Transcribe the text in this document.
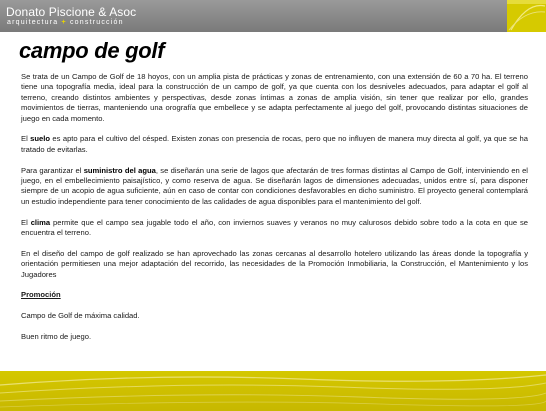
Donato Piscione & Asoc
arquitectura + construcción
campo de golf

Se trata de un Campo de Golf de 18 hoyos, con un amplia pista de prácticas y zonas de entrenamiento, con una extensión de 60 a 70 ha. El terreno tiene una topografía media, ideal para la construcción de un campo de golf, ya que cuenta con los desniveles adecuados, para adaptar el golf al terreno, creando distintos ambientes y perspectivas, desde zonas íntimas a zonas de amplia visión, sin tener que realizar por ello, grandes movimientos de tierras, manteniendo una orografía que embellece y se adapta perfectamente al juego del golf, provocando distintas situaciones de juego en cada momento.

El suelo es apto para el cultivo del césped. Existen zonas con presencia de rocas, pero que no influyen de manera muy directa al golf, ya que se ha tratado de evitarlas.

Para garantizar el suministro del agua, se diseñarán una serie de lagos que afectarán de tres formas distintas al Campo de Golf, interviniendo en el juego, en el embellecimiento paisajístico, y como reserva de agua. Se diseñarán lagos de dimensiones adecuadas, unidos entre sí, para disponer siempre de un acopio de agua suficiente, aún en caso de contar con condiciones desfavorables en dicho suministro. El proyecto general contemplará un estudio independiente para tener conocimiento de las calidades de agua disponibles para el mantenimiento del golf.

El clima permite que el campo sea jugable todo el año, con inviernos suaves y veranos no muy calurosos debido sobre todo a la cota en que se encuentra el terreno.

En el diseño del campo de golf realizado se han aprovechado las zonas cercanas al desarrollo hotelero utilizando las áreas donde la topografía y orientación permitiesen una mejor adaptación del recorrido, las necesidades de la Promoción Inmobiliaria, la Construcción, el Mantenimiento y los Jugadores

Promoción

Campo de Golf de máxima calidad.

Buen ritmo de juego.
